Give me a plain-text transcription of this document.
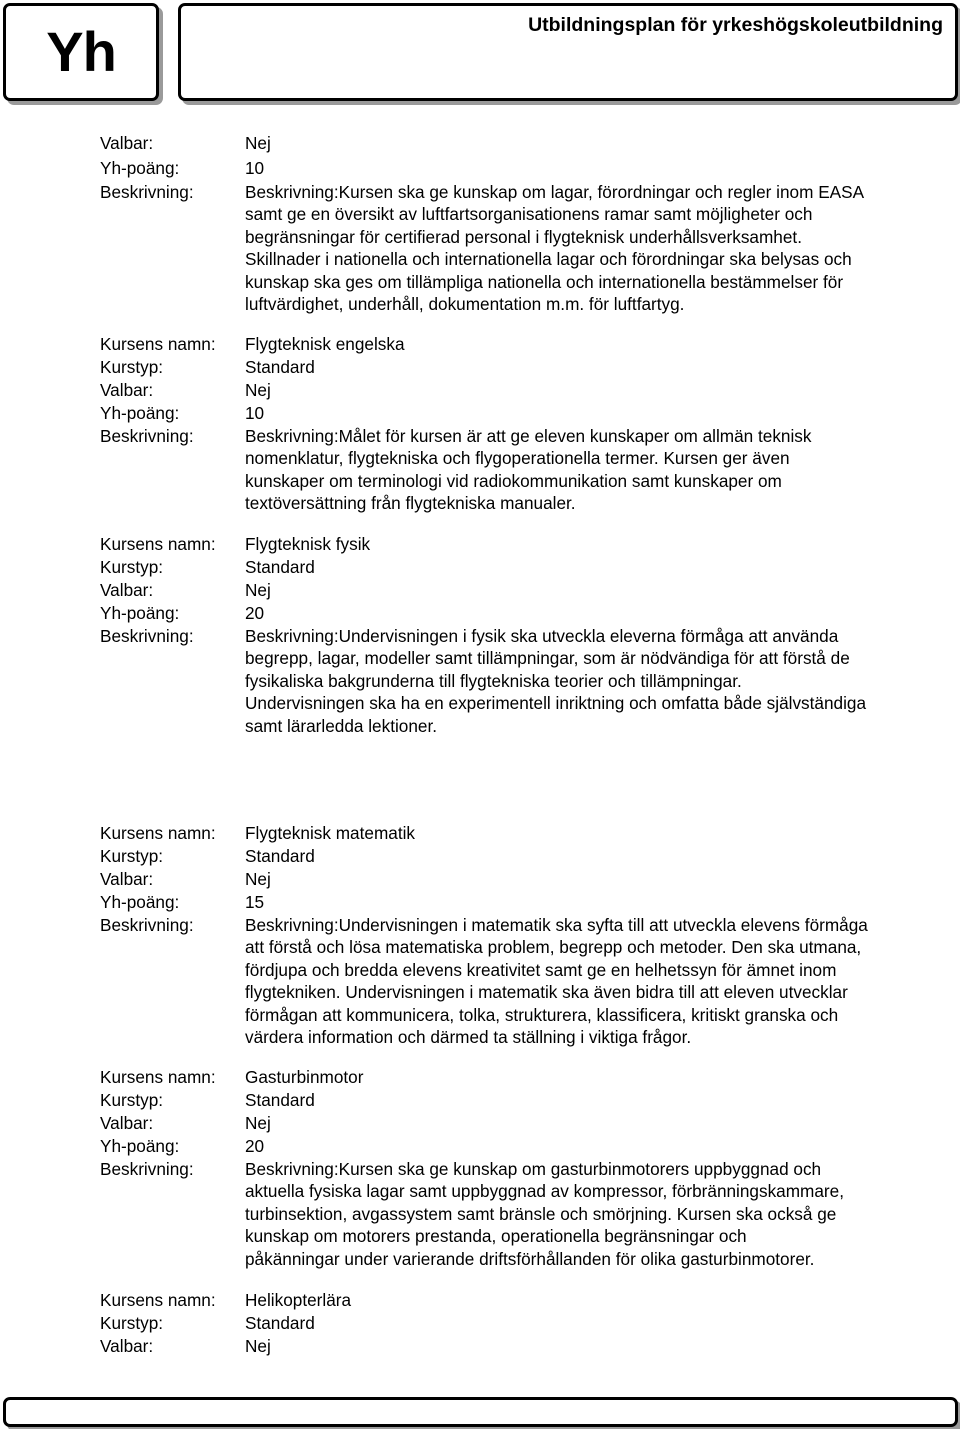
Yh	Utbildningsplan för yrkeshögskoleutbildning
Valbar:	Nej
Yh-poäng:	10
Beskrivning:	Beskrivning:Kursen ska ge kunskap om lagar, förordningar och regler inom EASA
samt ge en översikt av luftfartsorganisationens ramar samt möjligheter och
begränsningar för certifierad personal i flygteknisk underhållsverksamhet.
Skillnader i nationella och internationella lagar och förordningar ska belysas och
kunskap ska ges om tillämpliga nationella och internationella bestämmelser för
luftvärdighet, underhåll, dokumentation m.m. för luftfartyg.
Kursens namn: Flygteknisk engelska
Kurstyp:	Standard
Valbar:	Nej
Yh-poäng:	10
Beskrivning:	Beskrivning:Målet för kursen är att ge eleven kunskaper om allmän teknisk
nomenklatur, flygtekniska och flygoperationella termer. Kursen ger även
kunskaper om terminologi vid radiokommunikation samt kunskaper om
textöversättning från flygtekniska manualer.
Kursens namn: Flygteknisk fysik
Kurstyp:	Standard
Valbar:	Nej
Yh-poäng:	20
Beskrivning:	Beskrivning:Undervisningen i fysik ska utveckla eleverna förmåga att använda
begrepp, lagar, modeller samt tillämpningar, som är nödvändiga för att förstå de
fysikaliska bakgrunderna till flygtekniska teorier och tillämpningar.
Undervisningen ska ha en experimentell inriktning och omfatta både självständiga
samt lärarledda lektioner.
Kursens namn: Flygteknisk matematik
Kurstyp:	Standard
Valbar:	Nej
Yh-poäng:	15
Beskrivning:	Beskrivning:Undervisningen i matematik ska syfta till att utveckla elevens förmåga
att förstå och lösa matematiska problem, begrepp och metoder. Den ska utmana,
fördjupa och bredda elevens kreativitet samt ge en helhetssyn för ämnet inom
flygtekniken. Undervisningen i matematik ska även bidra till att eleven utvecklar
förmågan att kommunicera, tolka, strukturera, klassificera, kritiskt granska och
värdera information och därmed ta ställning i viktiga frågor.
Kursens namn: Gasturbinmotor
Kurstyp:	Standard
Valbar:	Nej
Yh-poäng:	20
Beskrivning:	Beskrivning:Kursen ska ge kunskap om gasturbinmotorers uppbyggnad och
aktuella fysiska lagar samt uppbyggnad av kompressor, förbränningskammare,
turbinsektion, avgassystem samt bränsle och smörjning. Kursen ska också ge
kunskap om motorers prestanda, operationella begränsningar och
påkänningar under varierande driftsförhållanden för olika gasturbinmotorer.
Kursens namn: Helikopterlära
Kurstyp:	Standard
Valbar:	Nej
